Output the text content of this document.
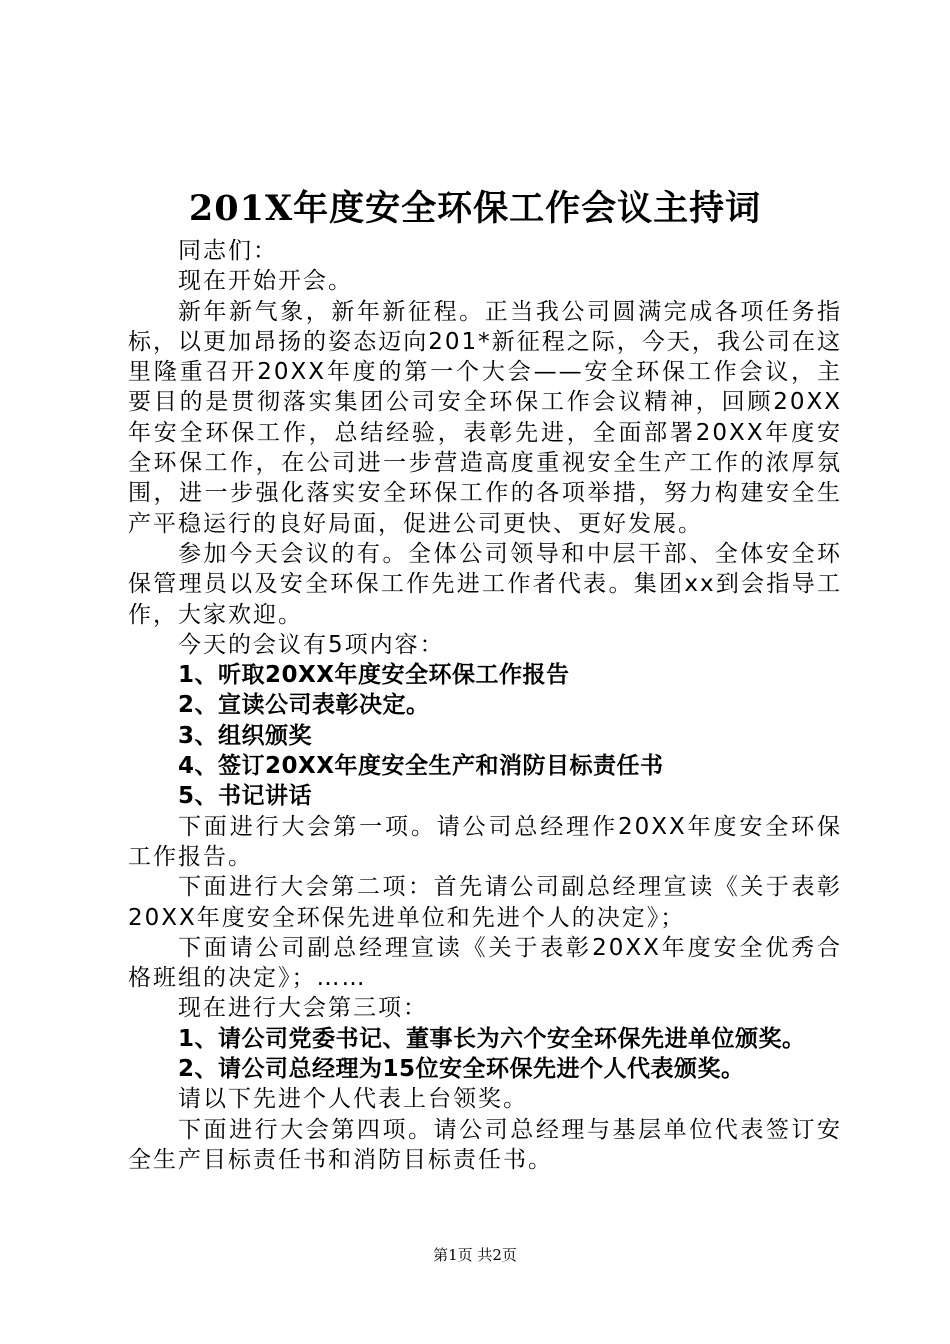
201X年度安全环保工作会议主持词

同志们：

现在开始开会。

新年新气象，新年新征程。正当我公司圆满完成各项任务指标，以更加昂扬的姿态迈向201*新征程之际，今天，我公司在这里隆重召开20XX年度的第一个大会——安全环保工作会议，主要目的是贯彻落实集团公司安全环保工作会议精神，回顾20XX年安全环保工作，总结经验，表彰先进，全面部署20XX年度安全环保工作，在公司进一步营造高度重视安全生产工作的浓厚氛围，进一步强化落实安全环保工作的各项举措，努力构建安全生产平稳运行的良好局面，促进公司更快、更好发展。

参加今天会议的有。全体公司领导和中层干部、全体安全环保管理员以及安全环保工作先进工作者代表。集团xx到会指导工作，大家欢迎。

今天的会议有5项内容：

1、听取20XX年度安全环保工作报告

2、宣读公司表彰决定。

3、组织颁奖

4、签订20XX年度安全生产和消防目标责任书

5、书记讲话

下面进行大会第一项。请公司总经理作20XX年度安全环保工作报告。

下面进行大会第二项：首先请公司副总经理宣读《关于表彰20XX年度安全环保先进单位和先进个人的决定》；

下面请公司副总经理宣读《关于表彰20XX年度安全优秀合格班组的决定》；……

现在进行大会第三项：

1、请公司党委书记、董事长为六个安全环保先进单位颁奖。

2、请公司总经理为15位安全环保先进个人代表颁奖。

请以下先进个人代表上台领奖。

下面进行大会第四项。请公司总经理与基层单位代表签订安全生产目标责任书和消防目标责任书。

第1页 共2页
